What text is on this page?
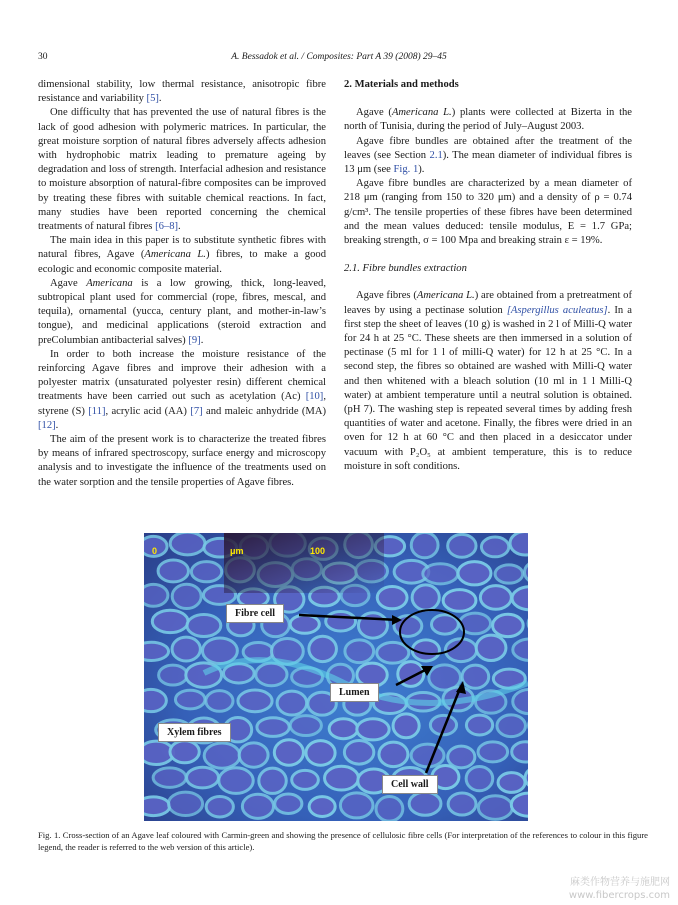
30	A. Bessadok et al. / Composites: Part A 39 (2008) 29–45

dimensional stability, low thermal resistance, anisotropic fibre resistance and variability [5].

One difficulty that has prevented the use of natural fibres is the lack of good adhesion with polymeric matrices. In particular, the great moisture sorption of natural fibres adversely affects adhesion with hydrophobic matrix leading to premature ageing by degradation and loss of strength. Interfacial adhesion and resistance to moisture absorption of natural-fibre composites can be improved by treating these fibres with suitable chemical reactions. In fact, many studies have been reported concerning the chemical treatments of natural fibres [6–8].

The main idea in this paper is to substitute synthetic fibres with natural fibres, Agave (Americana L.) fibres, to make a good ecologic and economic composite material.

Agave Americana is a low growing, thick, long-leaved, subtropical plant used for commercial (rope, fibres, mescal, and tequila), ornamental (yucca, century plant, and mother-in-law’s tongue), and medicinal applications (steroid extraction and preColumbian antibacterial salves) [9].

In order to both increase the moisture resistance of the reinforcing Agave fibres and improve their adhesion with a polyester matrix (unsaturated polyester resin) different chemical treatments have been carried out such as acetylation (Ac) [10], styrene (S) [11], acrylic acid (AA) [7] and maleic anhydride (MA) [12].

The aim of the present work is to characterize the treated fibres by means of infrared spectroscopy, surface energy and microscopy analysis and to investigate the influence of the treatments used on the water sorption and the tensile properties of Agave fibres.

2. Materials and methods

Agave (Americana L.) plants were collected at Bizerta in the north of Tunisia, during the period of July–August 2003.

Agave fibre bundles are obtained after the treatment of the leaves (see Section 2.1). The mean diameter of individual fibres is 13 μm (see Fig. 1).

Agave fibre bundles are characterized by a mean diameter of 218 μm (ranging from 150 to 320 μm) and a density of ρ = 0.74 g/cm³. The tensile properties of these fibres have been determined and the mean values deduced: tensile modulus, E = 1.7 GPa; breaking strength, σ = 100 Mpa and breaking strain ε = 19%.

2.1. Fibre bundles extraction

Agave fibres (Americana L.) are obtained from a pretreatment of leaves by using a pectinase solution [Aspergillus aculeatus]. In a first step the sheet of leaves (10 g) is washed in 2 l of Milli-Q water for 24 h at 25 °C. These sheets are then immersed in a solution of pectinase (5 ml for 1 l of milli-Q water) for 12 h at 25 °C. In a second step, the fibres so obtained are washed with Milli-Q water and then whitened with a bleach solution (10 ml in 1 l Milli-Q water) at ambient temperature until a neutral solution is obtained. (pH 7). The washing step is repeated several times by adding fresh quantities of water and acetone. Finally, the fibres were dried in an oven for 12 h at 60 °C and then placed in a desiccator under vacuum with P₂O₅ at ambient temperature, this is to reduce moisture in soft conditions.

0	μm	100
Fibre cell
Lumen
Xylem fibres
Cell wall
Fig. 1. Cross-section of an Agave leaf coloured with Carmin-green and showing the presence of cellulosic fibre cells (For interpretation of the references to colour in this figure legend, the reader is referred to the web version of this article).
麻类作物营养与施肥网
www.fibercrops.com
